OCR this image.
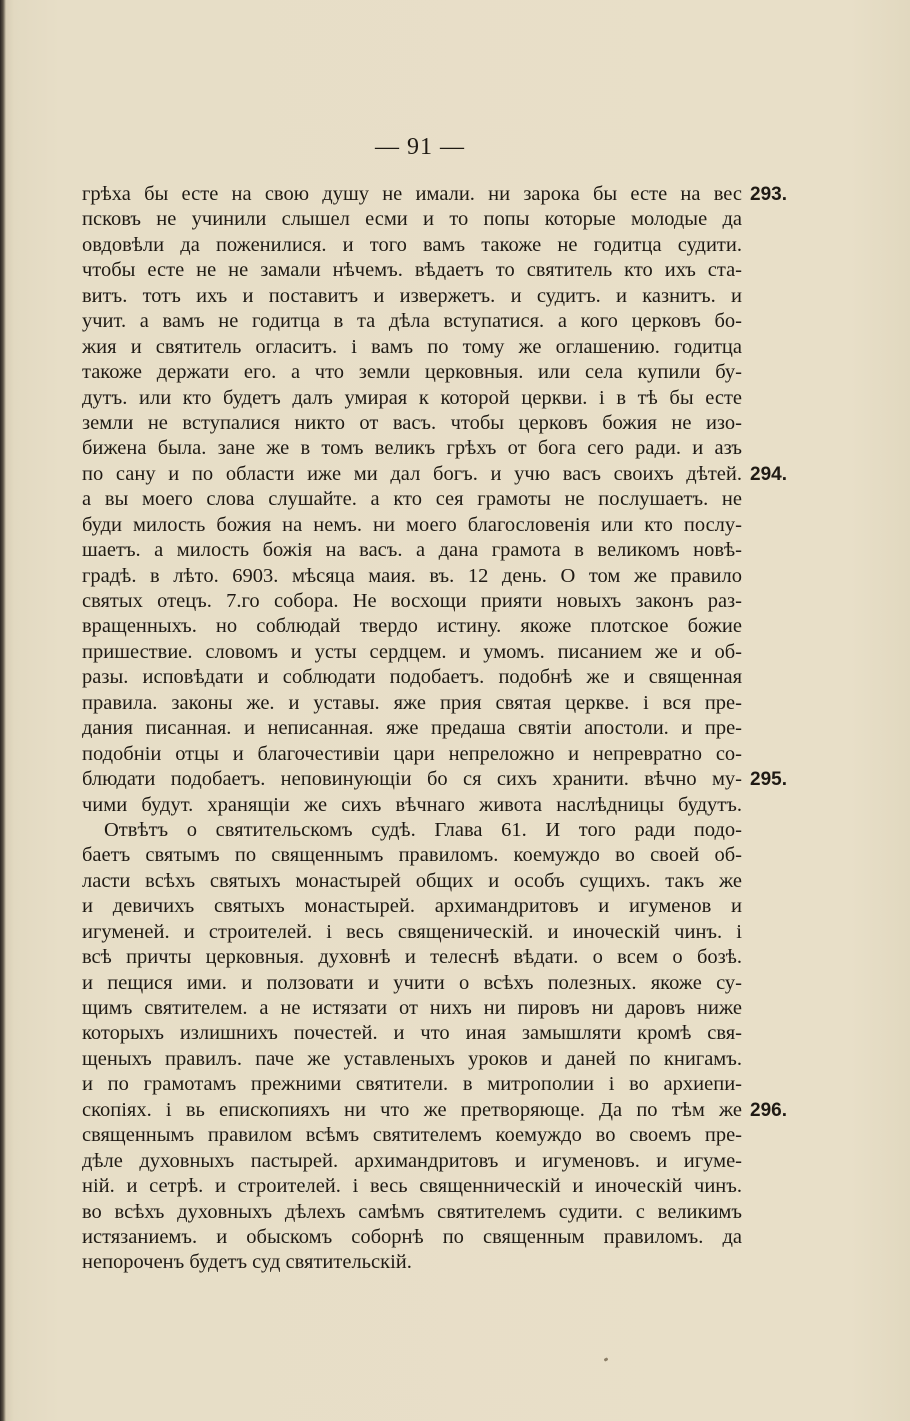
— 91 —
грѣха бы есте на свою душу не имали. ни зарока бы есте на вес 293.
псковъ не учинили слышел есми и то попы которые молодые да
овдовѣли да поженилися. и того вамъ такоже не годитца судити.
чтобы есте не не замали нѣчемъ. вѣдаетъ то святитель кто ихъ ста-
витъ. тотъ ихъ и поставитъ и извержетъ. и судитъ. и казнитъ. и
учит. а вамъ не годитца в та дѣла вступатися. а кого церковъ бо-
жия и святитель огласитъ. і вамъ по тому же оглашению. годитца
такоже держати его. а что земли церковныя. или села купили бу-
дутъ. или кто будетъ далъ умирая к которой церкви. і в тѣ бы есте
земли не вступалися никто от васъ. чтобы церковъ божия не изо-
бижена была. зане же в томъ великъ грѣхъ от бога сего ради. и азъ
по сану и по области иже ми дал богъ. и учю васъ своихъ дѣтей. 294.
а вы моего слова слушайте. а кто сея грамоты не послушаетъ. не
буди милость божия на немъ. ни моего благословенія или кто послу-
шаетъ. а милость божія на васъ. а дана грамота в великомъ новѣ-
градѣ. в лѣто. 6903. мѣсяца маия. въ. 12 день. О том же правило
святых отецъ. 7.го собора. Не восхощи прияти новыхъ законъ раз-
вращенныхъ. но соблюдай твердо истину. якоже плотское божие
пришествие. словомъ и усты сердцем. и умомъ. писанием же и об-
разы. исповѣдати и соблюдати подобаетъ. подобнѣ же и священная
правила. законы же. и уставы. яже прия святая церкве. і вся пре-
дания писанная. и неписанная. яже предаша святіи апостоли. и пре-
подобніи отцы и благочестивіи цари непреложно и непревратно со-
блюдати подобаетъ. неповинующіи бо ся сихъ хранити. вѣчно му- 295.
чими будут. хранящіи же сихъ вѣчнаго живота наслѣдницы будутъ.
Отвѣтъ о святительскомъ судѣ. Глава 61. И того ради подо-
баетъ святымъ по священнымъ правиломъ. коемуждо во своей об-
ласти всѣхъ святыхъ монастырей общих и особъ сущихъ. такъ же
и девичихъ святыхъ монастырей. архимандритовъ и игуменов и
игуменей. и строителей. і весь священическій. и иноческій чинъ. і
всѣ причты церковныя. духовнѣ и телеснѣ вѣдати. о всем о бозѣ.
и пещися ими. и ползовати и учити о всѣхъ полезных. якоже су-
щимъ святителем. а не истязати от нихъ ни пировъ ни даровъ ниже
которыхъ излишнихъ почестей. и что иная замышляти кромѣ свя-
щеныхъ правилъ. паче же уставленыхъ уроков и даней по книгамъ.
и по грамотамъ прежними святители. в митрополии і во архиепи-
скопіях. і вь епископияхъ ни что же претворяюще. Да по тѣм же 296.
священнымъ правилом всѣмъ святителемъ коемуждо во своемъ пре-
дѣле духовныхъ пастырей. архимандритовъ и игуменовъ. и игуме-
ній. и сетрѣ. и строителей. і весь священническій и иноческій чинъ.
во всѣхъ духовныхъ дѣлехъ самѣмъ святителемъ судити. с великимъ
истязаниемъ. и обыскомъ соборнѣ по священным правиломъ. да
непороченъ будетъ суд святительскій.
